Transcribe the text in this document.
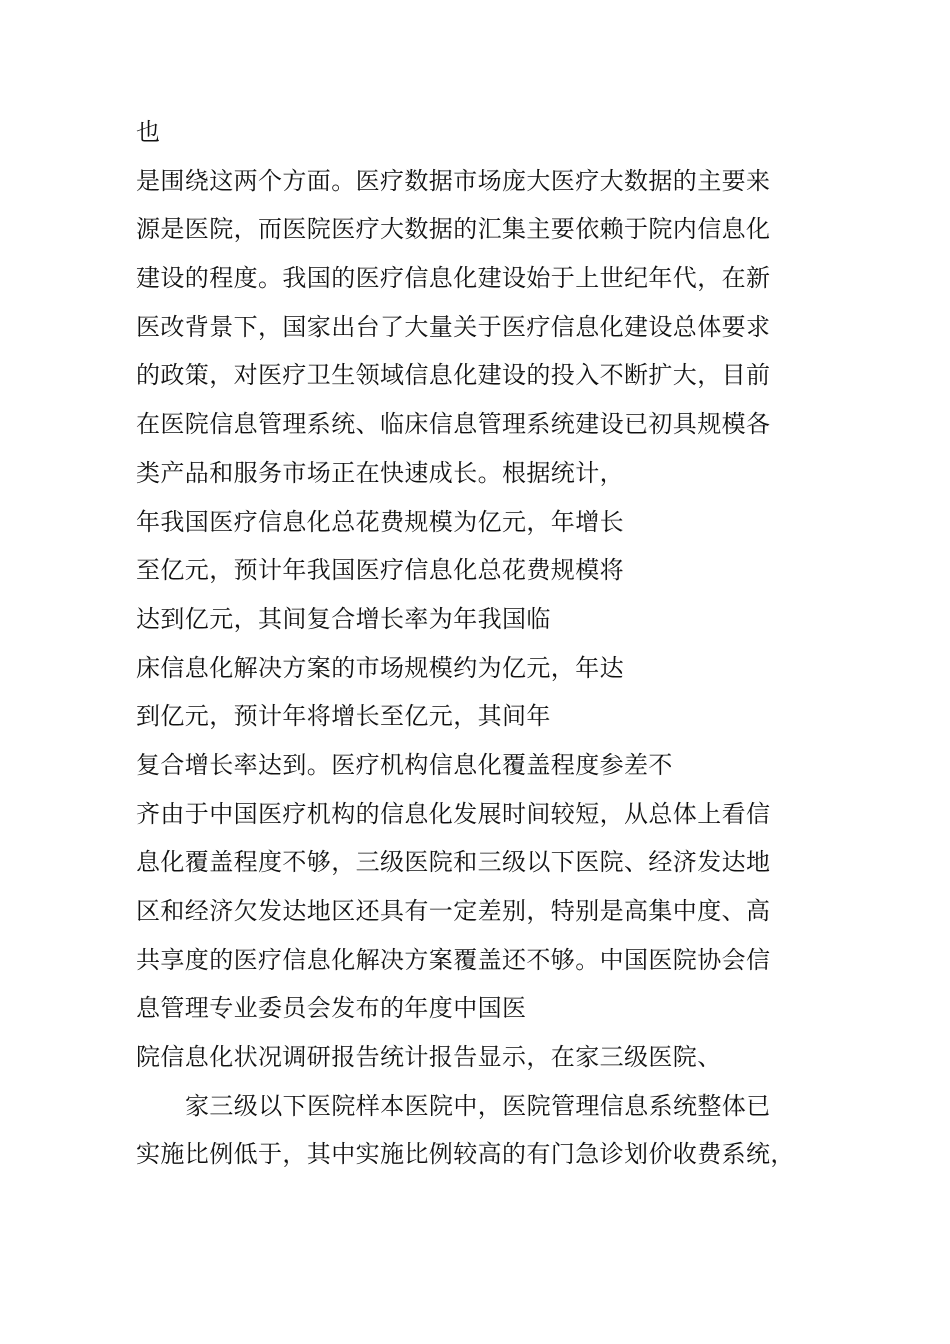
也
是围绕这两个方面。医疗数据市场庞大医疗大数据的主要来
源是医院，而医院医疗大数据的汇集主要依赖于院内信息化
建设的程度。我国的医疗信息化建设始于上世纪年代，在新
医改背景下，国家出台了大量关于医疗信息化建设总体要求
的政策，对医疗卫生领域信息化建设的投入不断扩大，目前
在医院信息管理系统、临床信息管理系统建设已初具规模各
类产品和服务市场正在快速成长。根据统计，
年我国医疗信息化总花费规模为亿元，年增长
至亿元，预计年我国医疗信息化总花费规模将
达到亿元，其间复合增长率为年我国临
床信息化解决方案的市场规模约为亿元，年达
到亿元，预计年将增长至亿元，其间年
复合增长率达到。医疗机构信息化覆盖程度参差不
齐由于中国医疗机构的信息化发展时间较短，从总体上看信
息化覆盖程度不够，三级医院和三级以下医院、经济发达地
区和经济欠发达地区还具有一定差别，特别是高集中度、高
共享度的医疗信息化解决方案覆盖还不够。中国医院协会信
息管理专业委员会发布的年度中国医
院信息化状况调研报告统计报告显示，在家三级医院、
家三级以下医院样本医院中，医院管理信息系统整体已
实施比例低于，其中实施比例较高的有门急诊划价收费系统，
